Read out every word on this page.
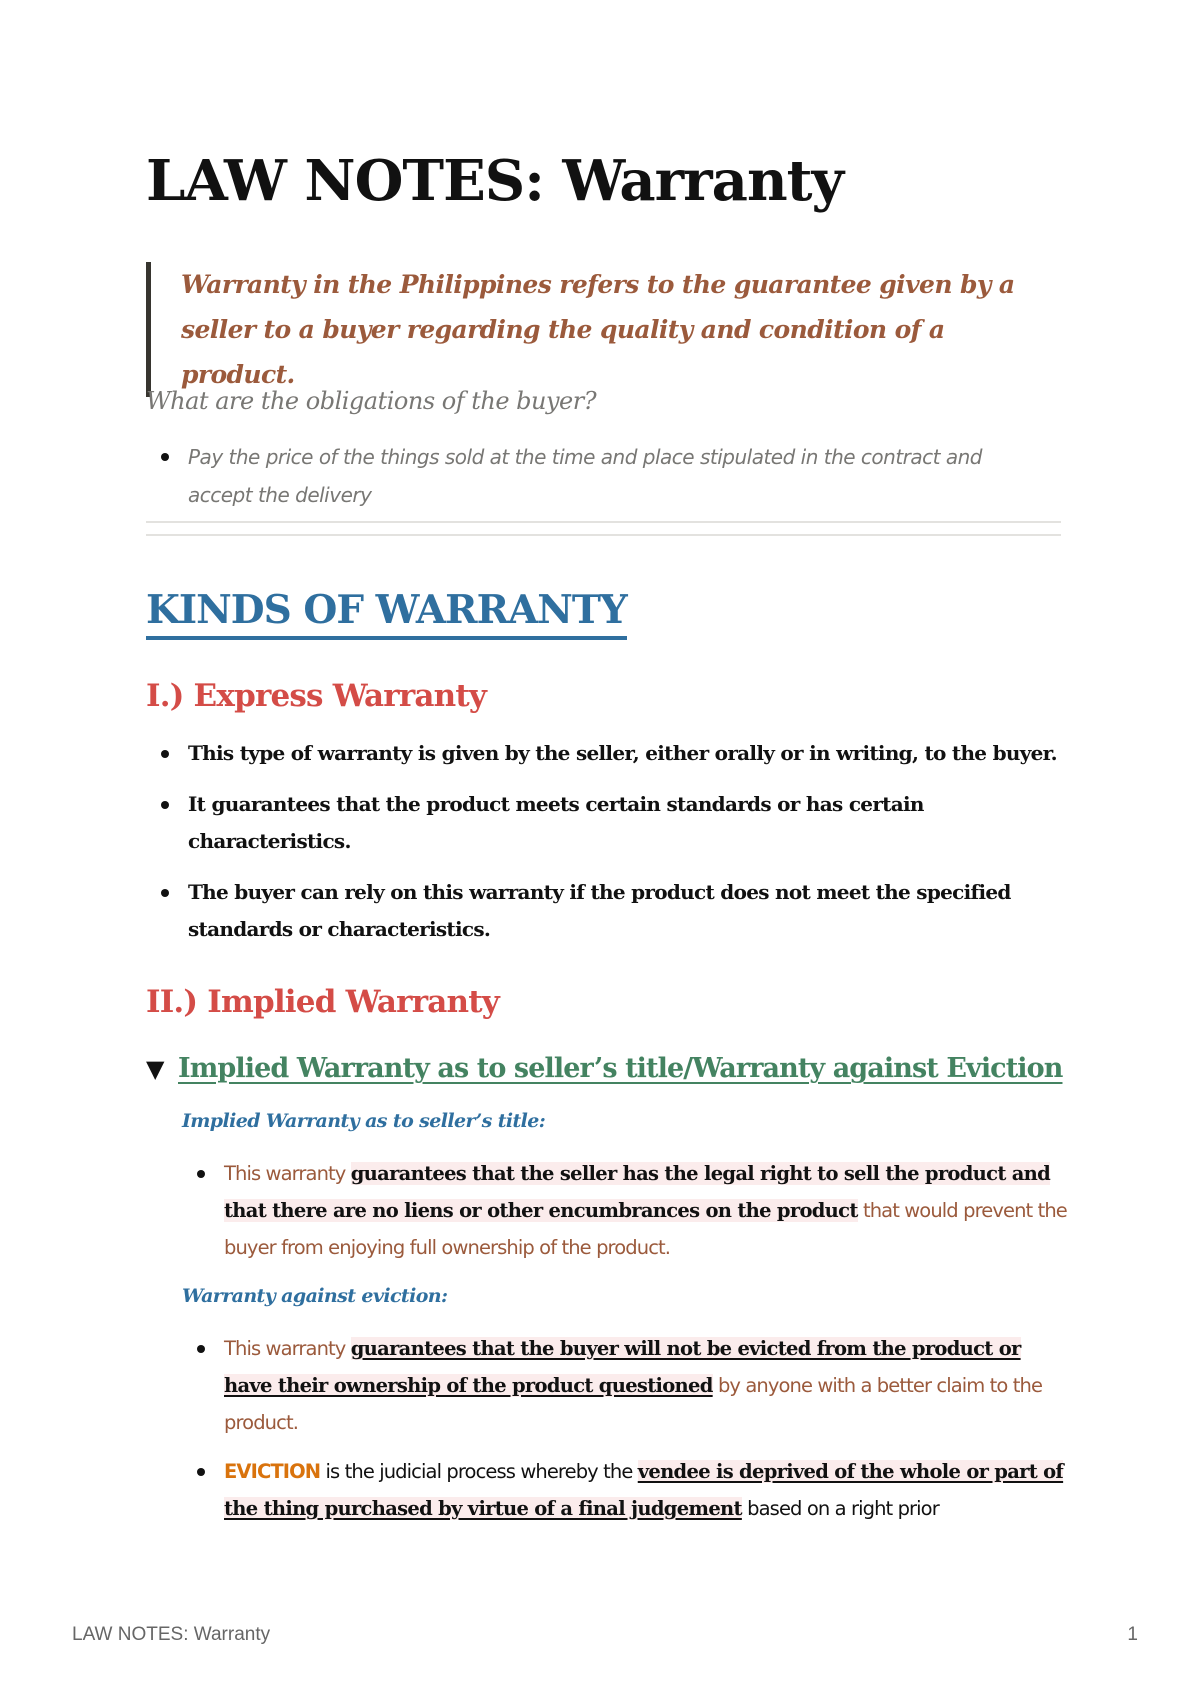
LAW NOTES: Warranty

Warranty in the Philippines refers to the guarantee given by a seller to a buyer regarding the quality and condition of a product.

What are the obligations of the buyer?

Pay the price of the things sold at the time and place stipulated in the contract and accept the delivery
KINDS OF WARRANTY
I.) Express Warranty
This type of warranty is given by the seller, either orally or in writing, to the buyer.
It guarantees that the product meets certain standards or has certain characteristics.
The buyer can rely on this warranty if the product does not meet the specified standards or characteristics.
II.) Implied Warranty
▼ Implied Warranty as to seller’s title/Warranty against Eviction

Implied Warranty as to seller’s title:

This warranty guarantees that the seller has the legal right to sell the product and that there are no liens or other encumbrances on the product that would prevent the buyer from enjoying full ownership of the product.

Warranty against eviction:

This warranty guarantees that the buyer will not be evicted from the product or have their ownership of the product questioned by anyone with a better claim to the product.
EVICTION is the judicial process whereby the vendee is deprived of the whole or part of the thing purchased by virtue of a final judgement based on a right prior
LAW NOTES: Warranty	1
